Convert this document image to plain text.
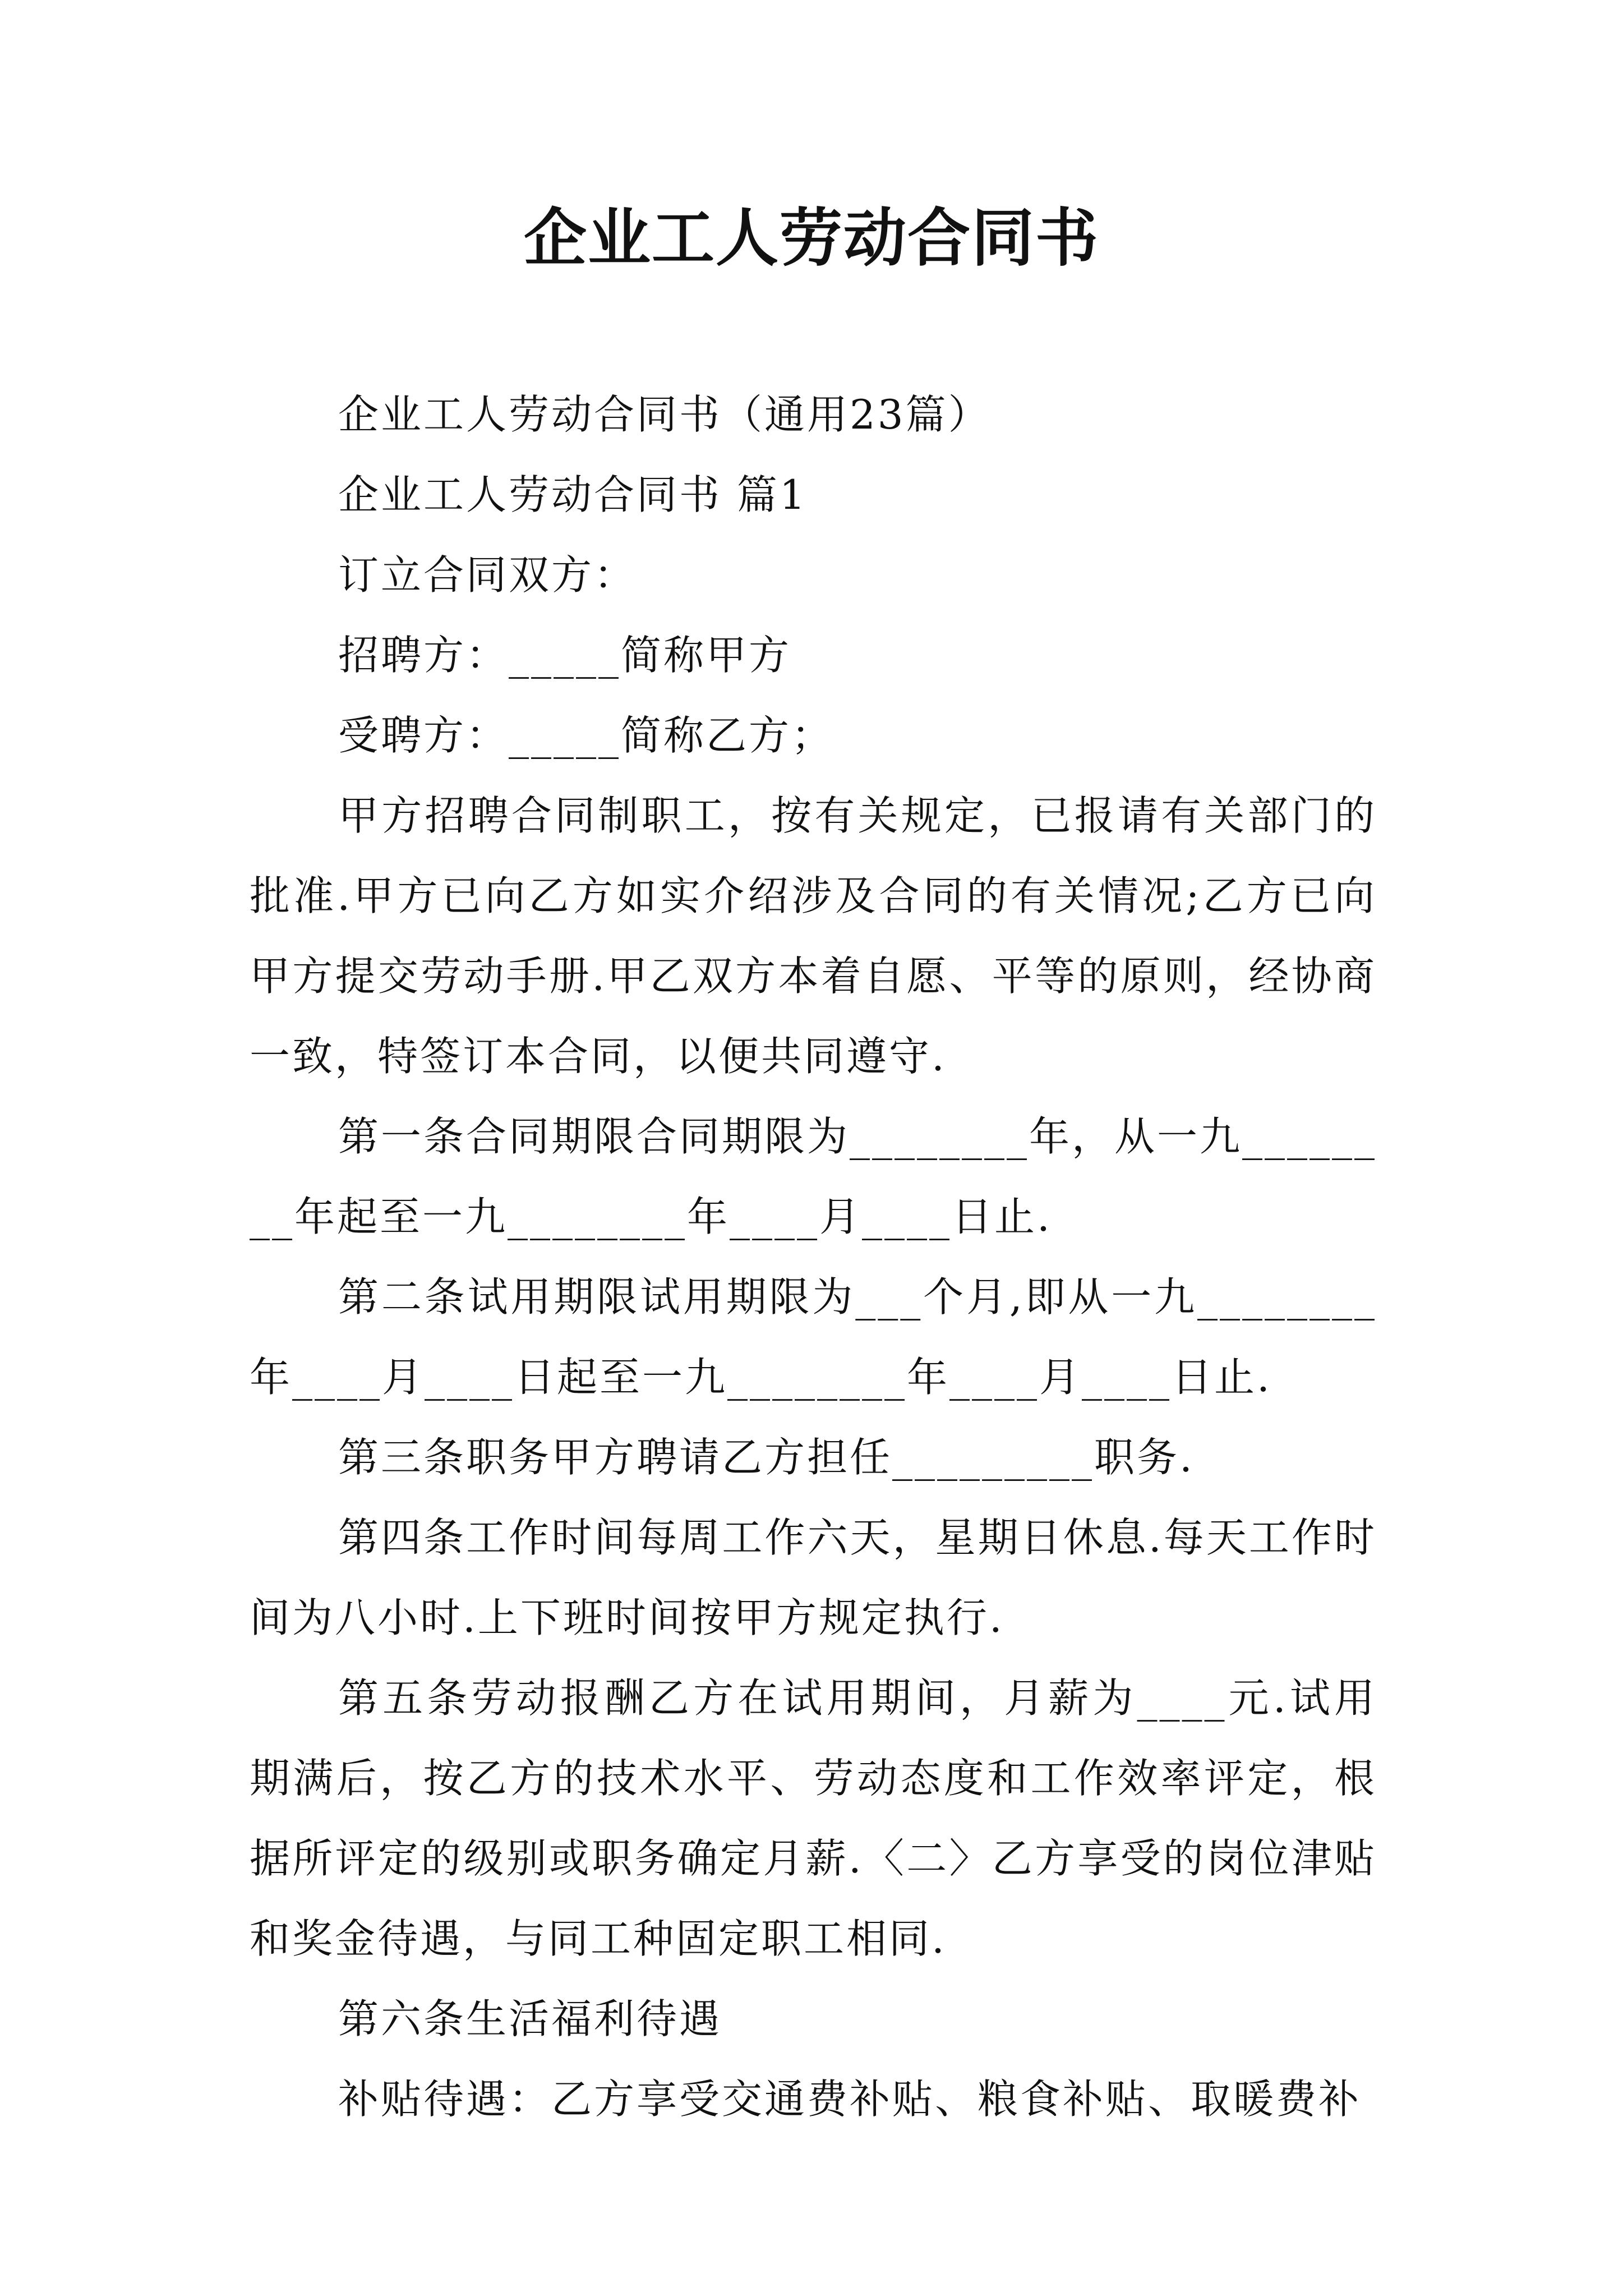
企业工人劳动合同书

企业工人劳动合同书（通用23篇）

企业工人劳动合同书 篇1

订立合同双方：

招聘方：_____简称甲方

受聘方：_____简称乙方；

甲方招聘合同制职工，按有关规定，已报请有关部门的批准.甲方已向乙方如实介绍涉及合同的有关情况;乙方已向甲方提交劳动手册.甲乙双方本着自愿、平等的原则，经协商一致，特签订本合同，以便共同遵守.

第一条合同期限合同期限为________年，从一九________年起至一九________年____月____日止.

第二条试用期限试用期限为___个月,即从一九________年____月____日起至一九________年____月____日止.

第三条职务甲方聘请乙方担任_________职务.

第四条工作时间每周工作六天，星期日休息.每天工作时间为八小时.上下班时间按甲方规定执行.

第五条劳动报酬乙方在试用期间，月薪为____元.试用期满后，按乙方的技术水平、劳动态度和工作效率评定，根据所评定的级别或职务确定月薪.〈二〉乙方享受的岗位津贴和奖金待遇，与同工种固定职工相同.

第六条生活福利待遇

补贴待遇：乙方享受交通费补贴、粮食补贴、取暖费补
